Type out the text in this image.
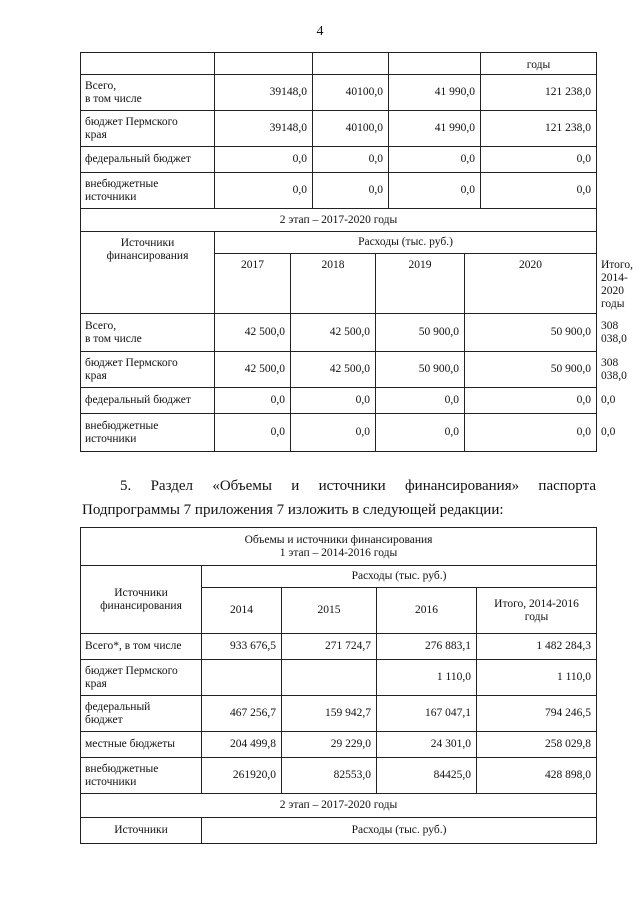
4
							годы	
Всего,
в том числе	39148,0		40100,0		41 990,0		121 238,0	
бюджет Пермского
края	39148,0		40100,0		41 990,0		121 238,0	
федеральный бюджет	0,0		0,0		0,0		0,0	
внебюджетные
источники	0,0		0,0		0,0		0,0	
2 этап – 2017-2020 годы								
Источники
финансирования	Расходы (тыс. руб.)							
	2017	2018		2019		2020		Итого,
2014-2020
годы
Всего,
в том числе	42 500,0	42 500,0		50 900,0		50 900,0		308 038,0
бюджет Пермского
края	42 500,0	42 500,0		50 900,0		50 900,0		308 038,0
федеральный бюджет	0,0	0,0		0,0		0,0		0,0
внебюджетные
источники	0,0	0,0		0,0		0,0		0,0
5. Раздел «Объемы и источники финансирования» паспорта
Подпрограммы 7 приложения 7 изложить в следующей редакции:
Объемы и источники финансирования
1 этап – 2014-2016 годы				
Источники
финансирования	Расходы (тыс. руб.)			
	2014	2015	2016	Итого, 2014-2016
годы
Всего*, в том числе	933 676,5	271 724,7	276 883,1	1 482 284,3
бюджет Пермского
края			1 110,0	1 110,0
федеральный
бюджет	467 256,7	159 942,7	167 047,1	794 246,5
местные бюджеты	204 499,8	29 229,0	24 301,0	258 029,8
внебюджетные
источники	261920,0	82553,0	84425,0	428 898,0
2 этап – 2017-2020 годы				
Источники	Расходы (тыс. руб.)			
